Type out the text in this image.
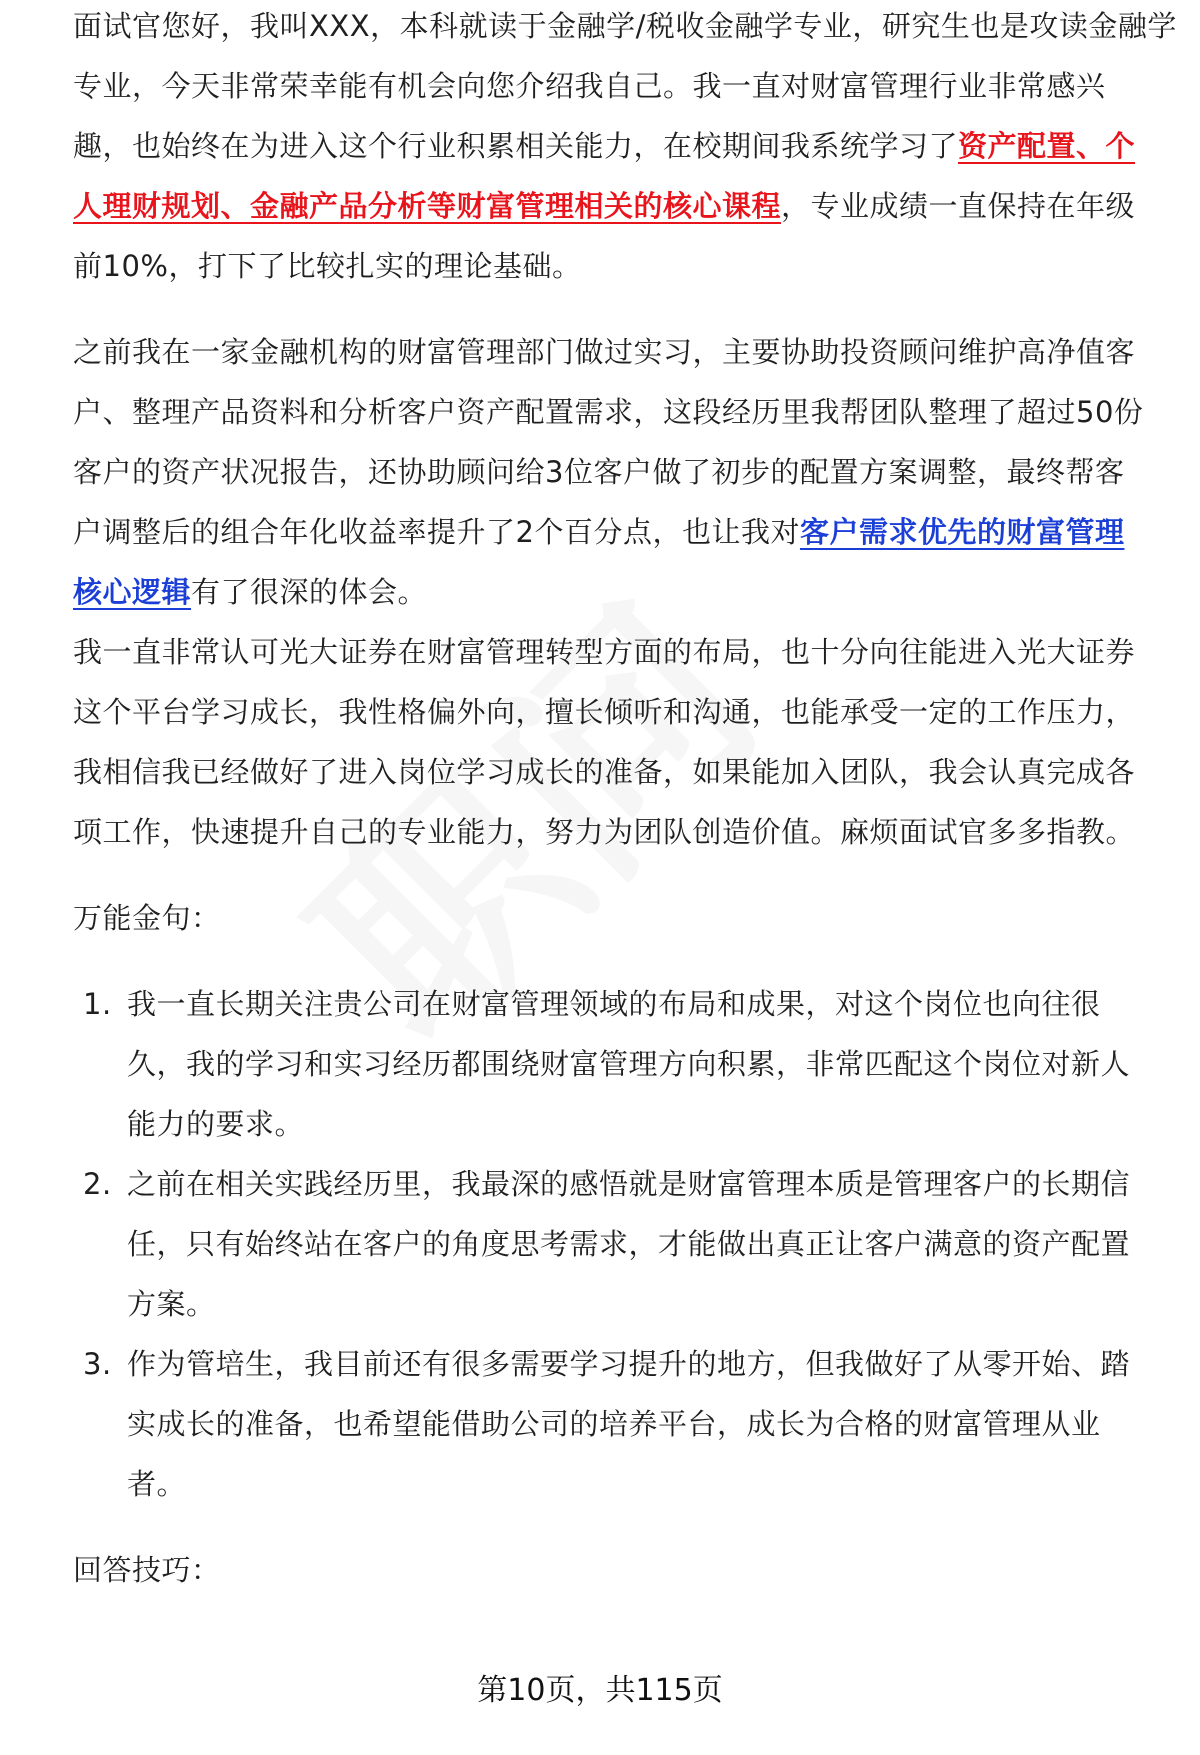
面试官您好，我叫XXX，本科就读于金融学/税收金融学专业，研究生也是攻读金融学

专业，今天非常荣幸能有机会向您介绍我自己。我一直对财富管理行业非常感兴趣，也始终在为进入这个行业积累相关能力，在校期间我系统学习了资产配置、个人理财规划、金融产品分析等财富管理相关的核心课程，专业成绩一直保持在年级前10%，打下了比较扎实的理论基础。

之前我在一家金融机构的财富管理部门做过实习，主要协助投资顾问维护高净值客户、整理产品资料和分析客户资产配置需求，这段经历里我帮团队整理了超过50份客户的资产状况报告，还协助顾问给3位客户做了初步的配置方案调整，最终帮客户调整后的组合年化收益率提升了2个百分点，也让我对客户需求优先的财富管理核心逻辑有了很深的体会。

我一直非常认可光大证券在财富管理转型方面的布局，也十分向往能进入光大证券这个平台学习成长，我性格偏外向，擅长倾听和沟通，也能承受一定的工作压力，我相信我已经做好了进入岗位学习成长的准备，如果能加入团队，我会认真完成各项工作，快速提升自己的专业能力，努力为团队创造价值。麻烦面试官多多指教。

万能金句：

1. 我一直长期关注贵公司在财富管理领域的布局和成果，对这个岗位也向往很久，我的学习和实习经历都围绕财富管理方向积累，非常匹配这个岗位对新人能力的要求。
2. 之前在相关实践经历里，我最深的感悟就是财富管理本质是管理客户的长期信任，只有始终站在客户的角度思考需求，才能做出真正让客户满意的资产配置方案。
3. 作为管培生，我目前还有很多需要学习提升的地方，但我做好了从零开始、踏实成长的准备，也希望能借助公司的培养平台，成长为合格的财富管理从业者。

回答技巧：

第10页，共115页
